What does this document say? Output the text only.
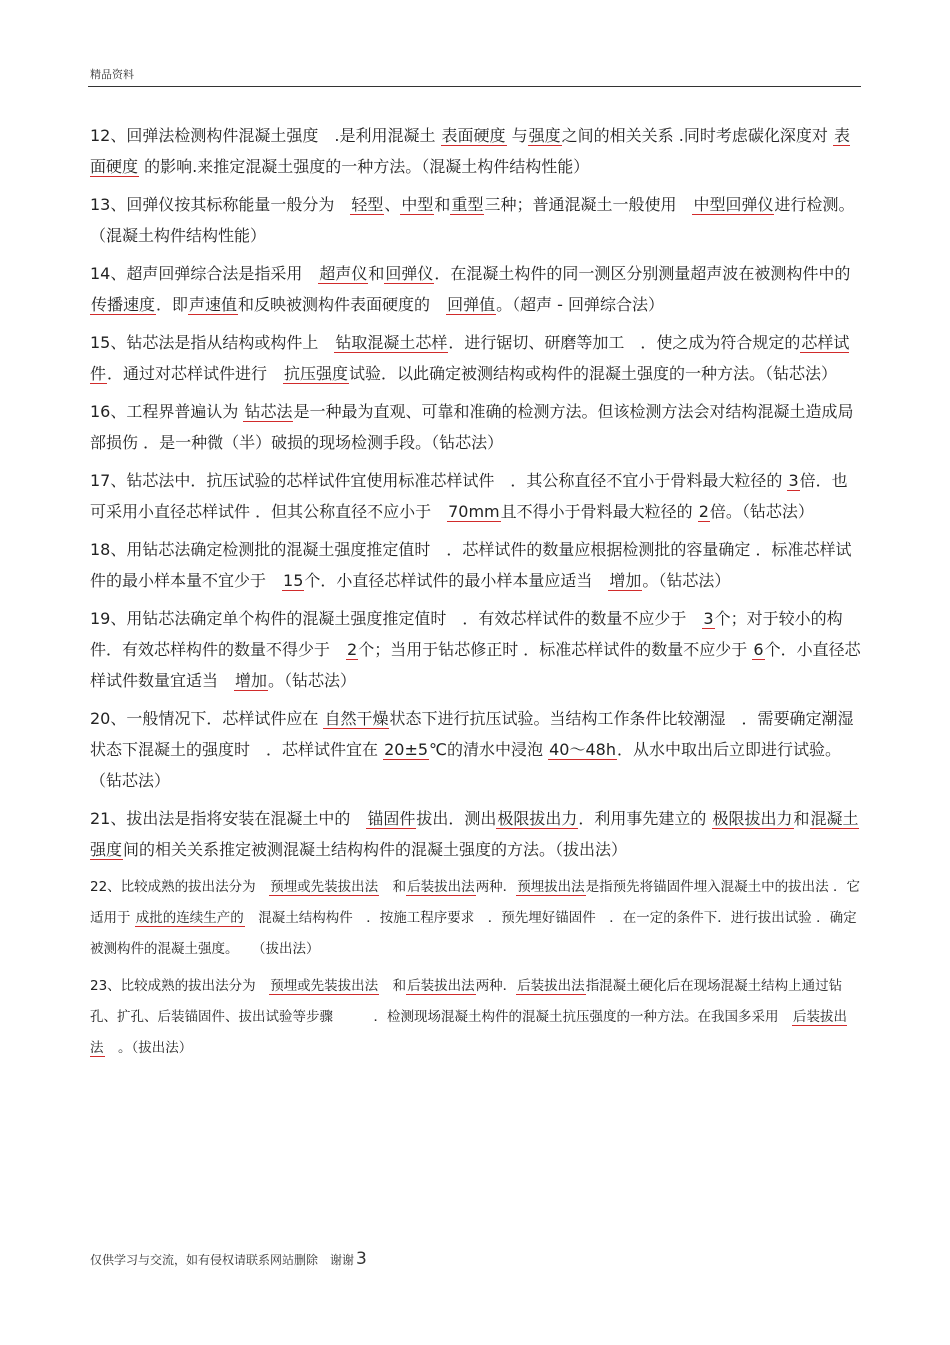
精品资料

12、回弹法检测构件混凝土强度　.是利用混凝土 表面硬度 与强度之间的相关关系 .同时考虑碳化深度对 表面硬度 的影响.来推定混凝土强度的一种方法。（混凝土构件结构性能）

13、回弹仪按其标称能量一般分为　轻型、中型和重型三种；普通混凝土一般使用　中型回弹仪进行检测。（混凝土构件结构性能）

14、超声回弹综合法是指采用　超声仪和回弹仪．在混凝土构件的同一测区分别测量超声波在被测构件中的 传播速度．即声速值和反映被测构件表面硬度的　回弹值。（超声 - 回弹综合法）

15、钻芯法是指从结构或构件上　钻取混凝土芯样．进行锯切、研磨等加工　．使之成为符合规定的芯样试件．通过对芯样试件进行　抗压强度试验．以此确定被测结构或构件的混凝土强度的一种方法。（钻芯法）

16、工程界普遍认为 钻芯法是一种最为直观、可靠和准确的检测方法。但该检测方法会对结构混凝土造成局部损伤 ．是一种微（半）破损的现场检测手段。（钻芯法）

17、钻芯法中．抗压试验的芯样试件宜使用标准芯样试件　．其公称直径不宜小于骨料最大粒径的 3倍．也可采用小直径芯样试件 ．但其公称直径不应小于　70mm且不得小于骨料最大粒径的 2倍。（钻芯法）

18、用钻芯法确定检测批的混凝土强度推定值时　．芯样试件的数量应根据检测批的容量确定 ．标准芯样试件的最小样本量不宜少于　15个．小直径芯样试件的最小样本量应适当　增加。（钻芯法）

19、用钻芯法确定单个构件的混凝土强度推定值时　．有效芯样试件的数量不应少于　3个；对于较小的构件．有效芯样构件的数量不得少于　2个；当用于钻芯修正时 ．标准芯样试件的数量不应少于 6个．小直径芯样试件数量宜适当　增加。（钻芯法）

20、一般情况下．芯样试件应在 自然干燥状态下进行抗压试验。当结构工作条件比较潮湿　．需要确定潮湿状态下混凝土的强度时　．芯样试件宜在 20±5℃的清水中浸泡 40～48h．从水中取出后立即进行试验。（钻芯法）

21、拔出法是指将安装在混凝土中的　锚固件拔出．测出极限拔出力．利用事先建立的 极限拔出力和混凝土强度间的相关关系推定被测混凝土结构构件的混凝土强度的方法。（拔出法）

22、比较成熟的拔出法分为　预埋或先装拔出法　和后装拔出法两种．预埋拔出法是指预先将锚固件埋入混凝土中的拔出法 ．它适用于 成批的连续生产的　混凝土结构构件　．按施工程序要求　．预先埋好锚固件　．在一定的条件下．进行拔出试验 ．确定被测构件的混凝土强度。　　（拔出法）

23、比较成熟的拔出法分为　预埋或先装拔出法　和后装拔出法两种．后装拔出法指混凝土硬化后在现场混凝土结构上通过钻孔、扩孔、后装锚固件、拔出试验等步骤　　　．检测现场混凝土构件的混凝土抗压强度的一种方法。在我国多采用　后装拔出法　。（拔出法）

仅供学习与交流，如有侵权请联系网站删除　谢谢 3
